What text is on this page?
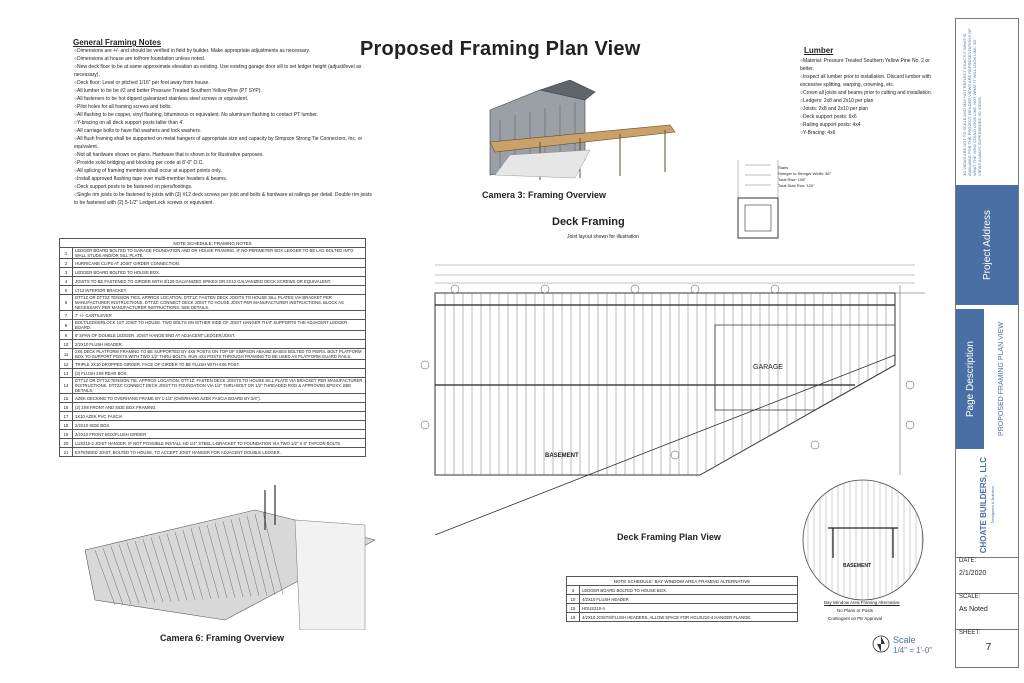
General Framing Notes
○ Dimensions are +/- and should be verified in field by builder. Make appropriate adjustments as necessary.
○ Dimensions at house are to/from foundation unless noted.
○ New deck floor to be at same approximate elevation as existing. Use existing garage door sill to set ledger height (adjust/level as necessary).
○ Deck floor: Level or pitched 1/16" per foot away from house.
○ All lumber to be be #2 and better Pressure Treated Southern Yellow Pine (PT SYP).
○ All fasteners to be hot dipped galvanized stainless steel screws or equivalent.
○ Pilot holes for all framing screws and bolts.
○ All flashing to be copper, vinyl flashing, bituminous or equivalent. No aluminum flashing to contact PT lumber.
○ Y-bracing on all deck support posts taller than 4'.
○ All carriage bolts to have flat washers and lock washers.
○ All flush framing shall be supported on metal hangers of appropriate size and capacity by Simpson Strong Tie Connectors, Inc. or equivalent.
○ Not all hardware shown on plans. Hardware that is shown is for illustrative purposes.
○ Provide solid bridging and blocking per code at 8'-0" O.C.
○ All splicing of framing members shall occur at support points only.
○ Install approved flashing tape over multi-member headers & beams.
○ Deck support posts to be fastened on piers/footings.
○ Single rim joists to be fastened to joists with (3) #12 deck screws per joist and bolts & hardware at railings per detail. Double rim joists to be fastened with (2) 5-1/2" LedgerLock screws or equivalent.
Proposed Framing Plan View	Lumber
○ Material: Pressure Treated Southern Yellow Pine No. 2 or better.
○ Inspect all lumber prior to installation. Discard lumber with excessive splitting, warping, crowning, etc.
○ Crown all joists and beams prior to cutting and installation.
○ Ledgers: 2x8 and 2x10 per plan
○ Joists: 2x8 and 2x10 per plan
○ Deck support posts: 6x6
○ Railing support posts: 4x4
○ Y-Bracing: 4x6
Camera 3: Framing Overview
Deck Framing
Joist layout shown for illustration
Stairs
Stringer to Stringer Width: 36"
Total Rise: 108"
Total Stair Run: 120"
NOTE SCHEDULE: FRAMING NOTES	
1	LEDGER BOARD BOLTED TO GARAGE FOUNDATION AND OR HOUSE FRAMING. IF NO PERIMETER BOX LEDGER TO BE LAG BOLTED INTO WALL STUDS AND/OR SILL PLATE.
2	HURRICANE CLIPS AT JOIST GIRDER CONNECTION.
3	LEDGER BOARD BOLTED TO HOUSE BOX.
4	JOISTS TO BE FASTENED TO GIRDER WITH 3/120 GALVANIZED SPIKES OR 2X12 GALVANIZED DECK SCREWS OR EQUIVALENT.
5	LT12 INTERIOR BRACKET.
6	DTT1Z OR DTT2Z TENSION TIES. APPROX LOCATION. DTT1Z: FASTEN DECK JOISTS TO HOUSE SILL PLATES VIA BRACKET PER MANUFACTURER INSTRUCTIONS. DTT2Z: CONNECT DECK JOIST TO HOUSE JOIST PER MANUFACTURER INSTRUCTIONS. BLOCK AS NECESSARY PER MANUFACTURER INSTRUCTIONS. SEE DETAILS.
7	7' +/- CANTILEVER
8	BOLT/LEDGERLOCK 1ST JOIST TO HOUSE. TWO BOLTS ON EITHER SIDE OF JOIST HANGER THAT SUPPORTS THE ADJACENT LEDGER BOARD.
9	6' SPAN OF DOUBLE LEDGER. JOIST HANGE END AT ADJACENT LEDGER/JOIST.
10	2/2X10 FLUSH HEADER.
11	2X6 DECK PLATFORM FRAMING TO BE SUPPORTED BY 4X6 POSTS ON TOP OF SIMPSON ABA46Z BASES BOLTED TO PIERS. BOLT PLATFORM BOX TO SUPPORT POSTS WITH TWO 1/2" THRU-BOLTS. RUN 4X4 POSTS THROUGH FRAMING TO BE USED AS PLATFORM GUARD RAILS.
12	TRIPLE 2X10 DROPPED GIRDER. FACE OF GIRDER TO BE FLUSH WITH 6X6 POST.
13	(3) FLUSH 2X8 REAR BOX.
14	DTT1Z OR DTT2Z TENSION TIE. APPROX LOCATION. DTT1Z: FASTEN DECK JOISTS TO HOUSE SILL PLATE VIA BRACKET PER MANUFACTURER INSTRUCTIONS. DTT2Z: CONNECT DECK JOIST TO FOUNDATION VIA 1/2" THRU-BOLT OR 1/2" THREADED ROD & APPROVED EPOXY. SEE DETAILS.
15	AZEK DECKING TO OVERHANG FRAME BY 1-1/2" (OVERHANG AZEK FASCIA BOARD BY 3/4").
16	(2) 2X8 FRONT AND SIDE BOX FRAMING.
17	1X10 AZEK PVC FASCIA
18	2/2X10 SIDE BOX
19	2/2X10 FRONT BOX/FLUSH GIRDER
20	LUS210-2 JOIST HANGER. IF NOT POSSIBLE INSTALL HD 1/4" STEEL L-BRACKET TO FOUNDATION VIA TWO 1/2" X 5" TAPCON BOLTS.
21	EXTENDED JOIST, BOLTED TO HOUSE, TO ACCEPT JOIST HANGER FOR ADJACENT DOUBLE LEDGER.
GARAGE
BASEMENT
Deck Framing Plan View
Camera 6: Framing Overview
NOTE SCHEDULE: BAY WINDOW AREA FRAMING ALTERNATIVE	
3	LEDGER BOARD BOLTED TO HOUSE BOX.
10	4/2X10 FLUSH HEADER
15	HGUS210-4
16	4/2X10 JOISTS/FLUSH HEADERS. ALLOW SPACE FOR HGUS210-4 HANGER FLANGE.
BASEMENT
Bay Window Area Framing Alternative
No Plans or Posts
Contingent on PE Approval
Scale
1/4" = 1'-0"
3D VIEWS ARE NOT TO SCALE AND MAY NOT REFLECT EXACTLY WHAT IS AVAILABLE FOR THE PROJECT. RENDER VIEWS ARE REPRESENTATIONS OF WHAT THE VIEW COULD LOOK LIKE, NOT WHAT IT WILL LOOK LIKE. 3D VIEWS ALWAYS SUPERSEDED 3D VIEWS.
Project Address
Page Description	PROPOSED FRAMING PLAN VIEW
CHOATE BUILDERS, LLC Designers & Builders
DATE:
2/1/2020
SCALE:
As Noted
SHEET:
7
